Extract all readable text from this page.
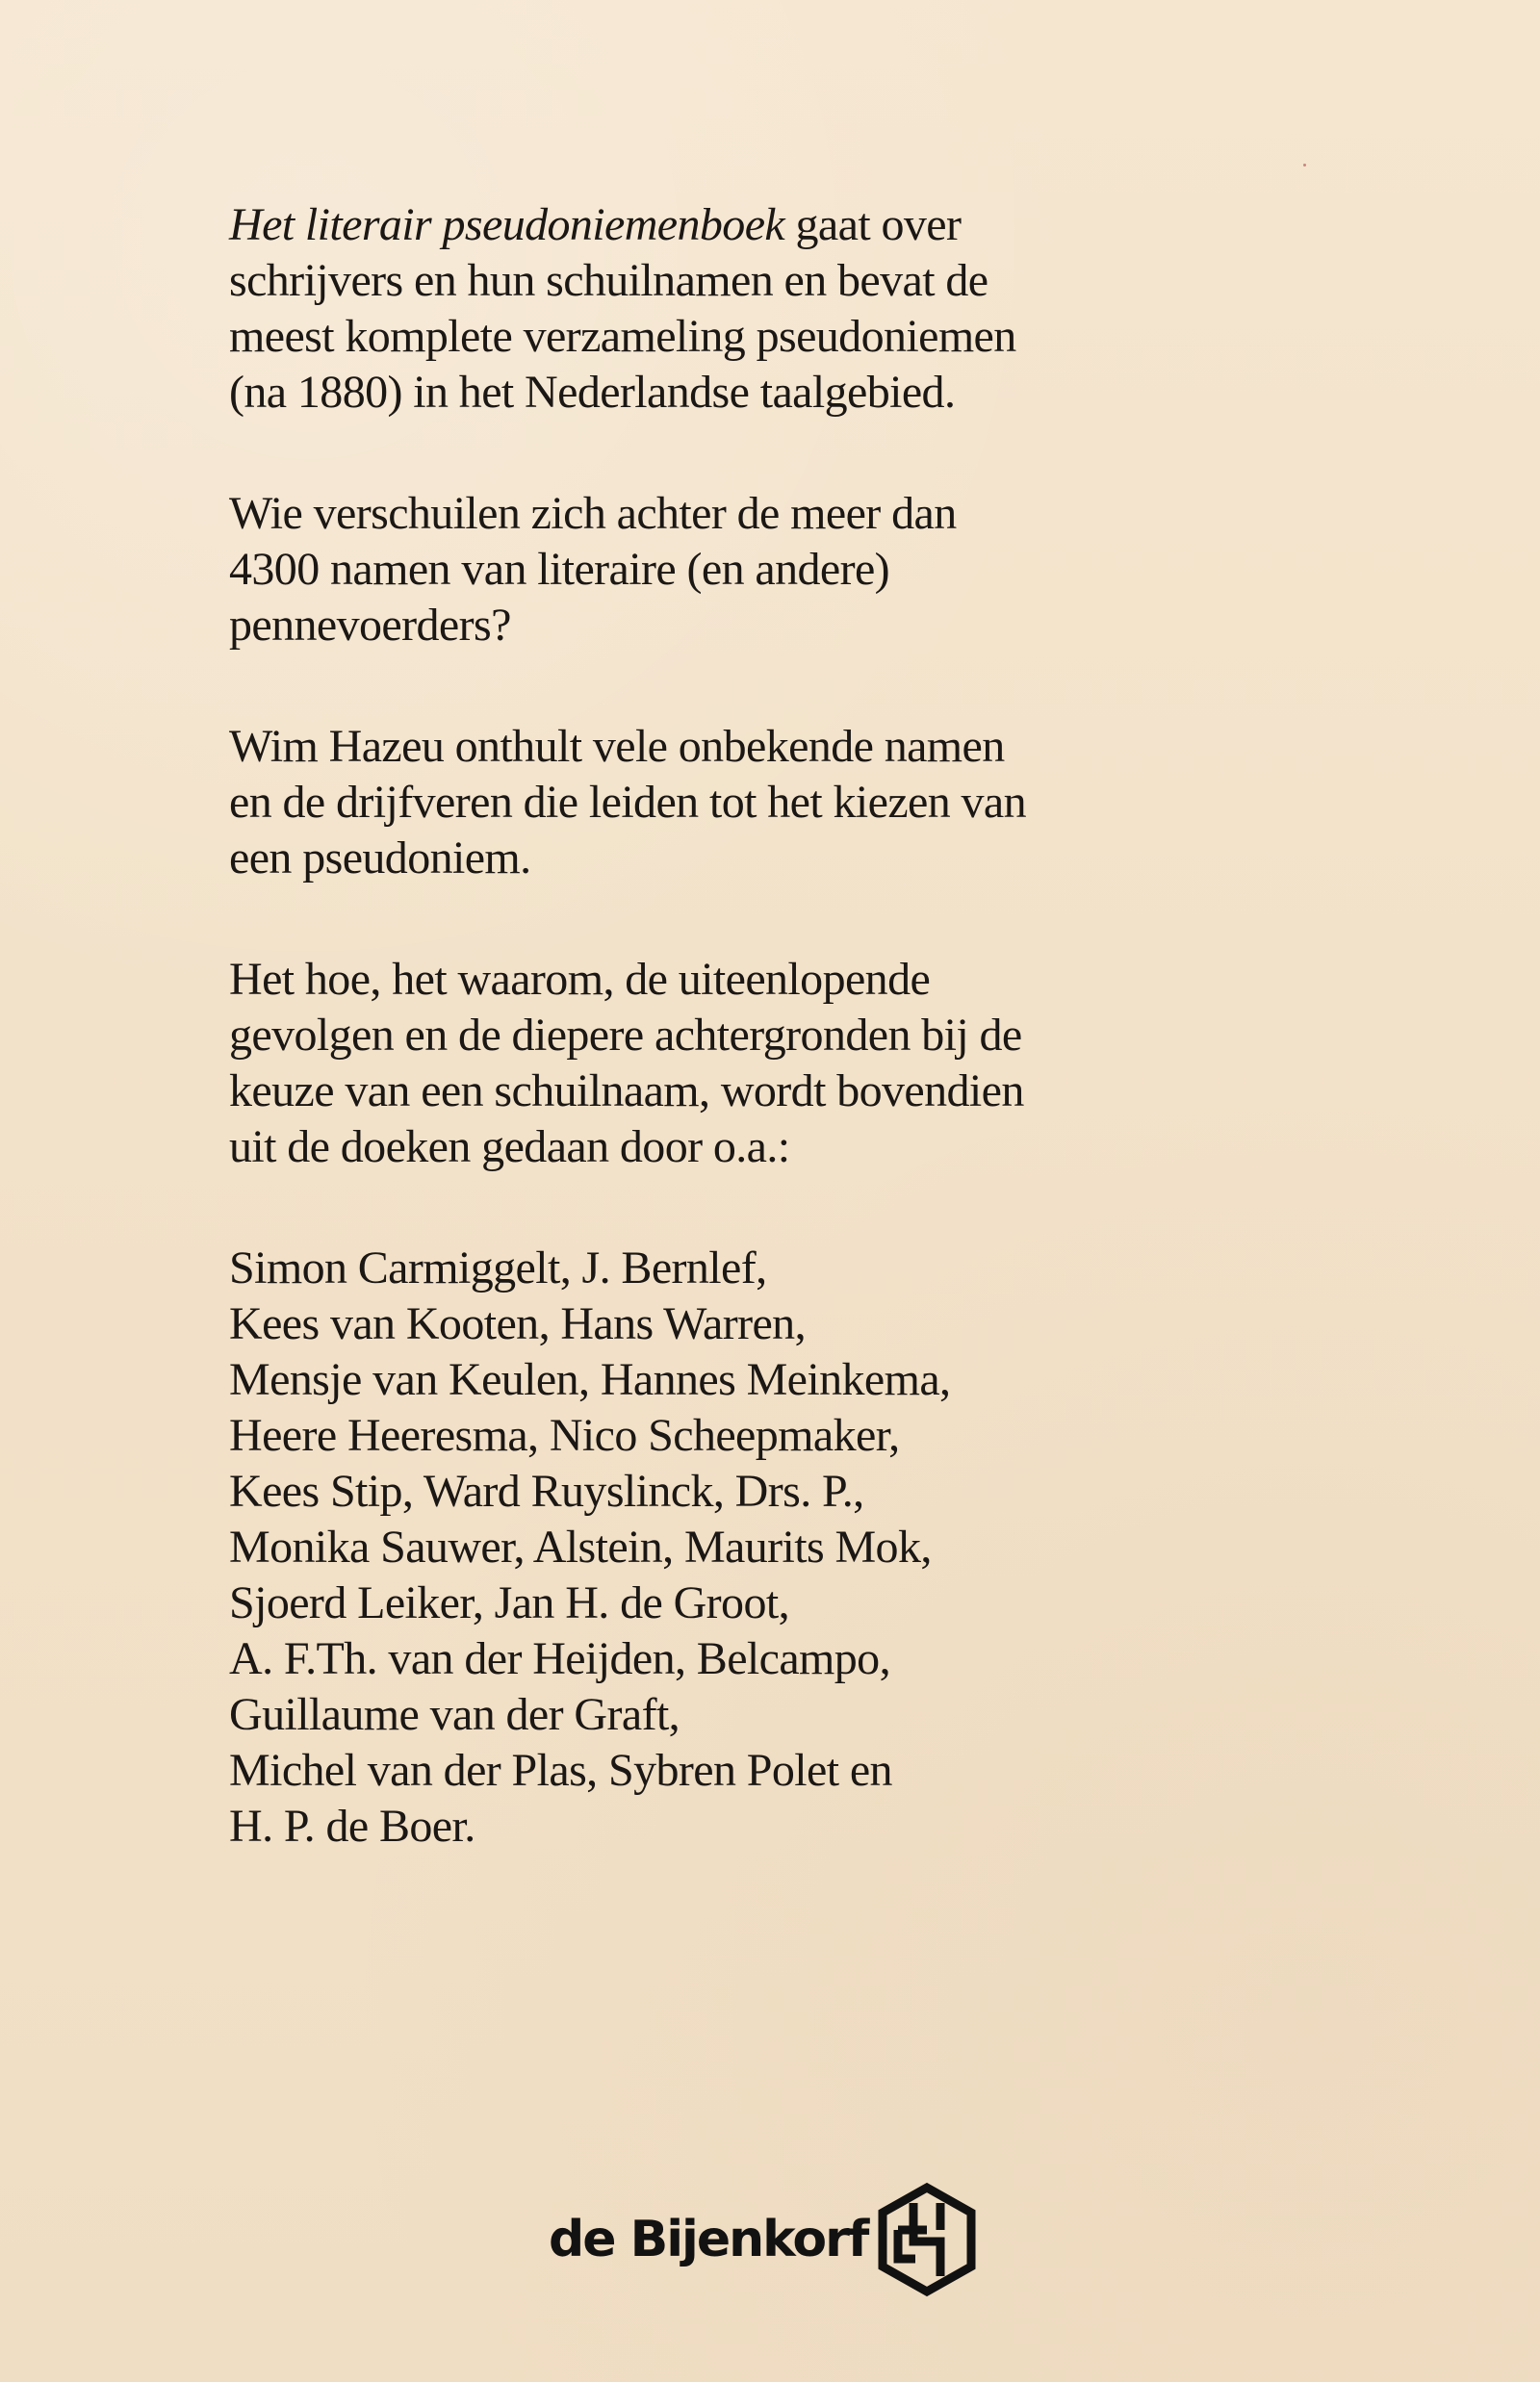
Het literair pseudoniemenboek gaat over
schrijvers en hun schuilnamen en bevat de
meest komplete verzameling pseudoniemen
(na 1880) in het Nederlandse taalgebied.
Wie verschuilen zich achter de meer dan
4300 namen van literaire (en andere)
pennevoerders?
Wim Hazeu onthult vele onbekende namen
en de drijfveren die leiden tot het kiezen van
een pseudoniem.
Het hoe, het waarom, de uiteenlopende
gevolgen en de diepere achtergronden bij de
keuze van een schuilnaam, wordt bovendien
uit de doeken gedaan door o.a.:
Simon Carmiggelt, J. Bernlef,
Kees van Kooten, Hans Warren,
Mensje van Keulen, Hannes Meinkema,
Heere Heeresma, Nico Scheepmaker,
Kees Stip, Ward Ruyslinck, Drs. P.,
Monika Sauwer, Alstein, Maurits Mok,
Sjoerd Leiker, Jan H. de Groot,
A. F.Th. van der Heijden, Belcampo,
Guillaume van der Graft,
Michel van der Plas, Sybren Polet en
H. P. de Boer.
de Bijenkorf
